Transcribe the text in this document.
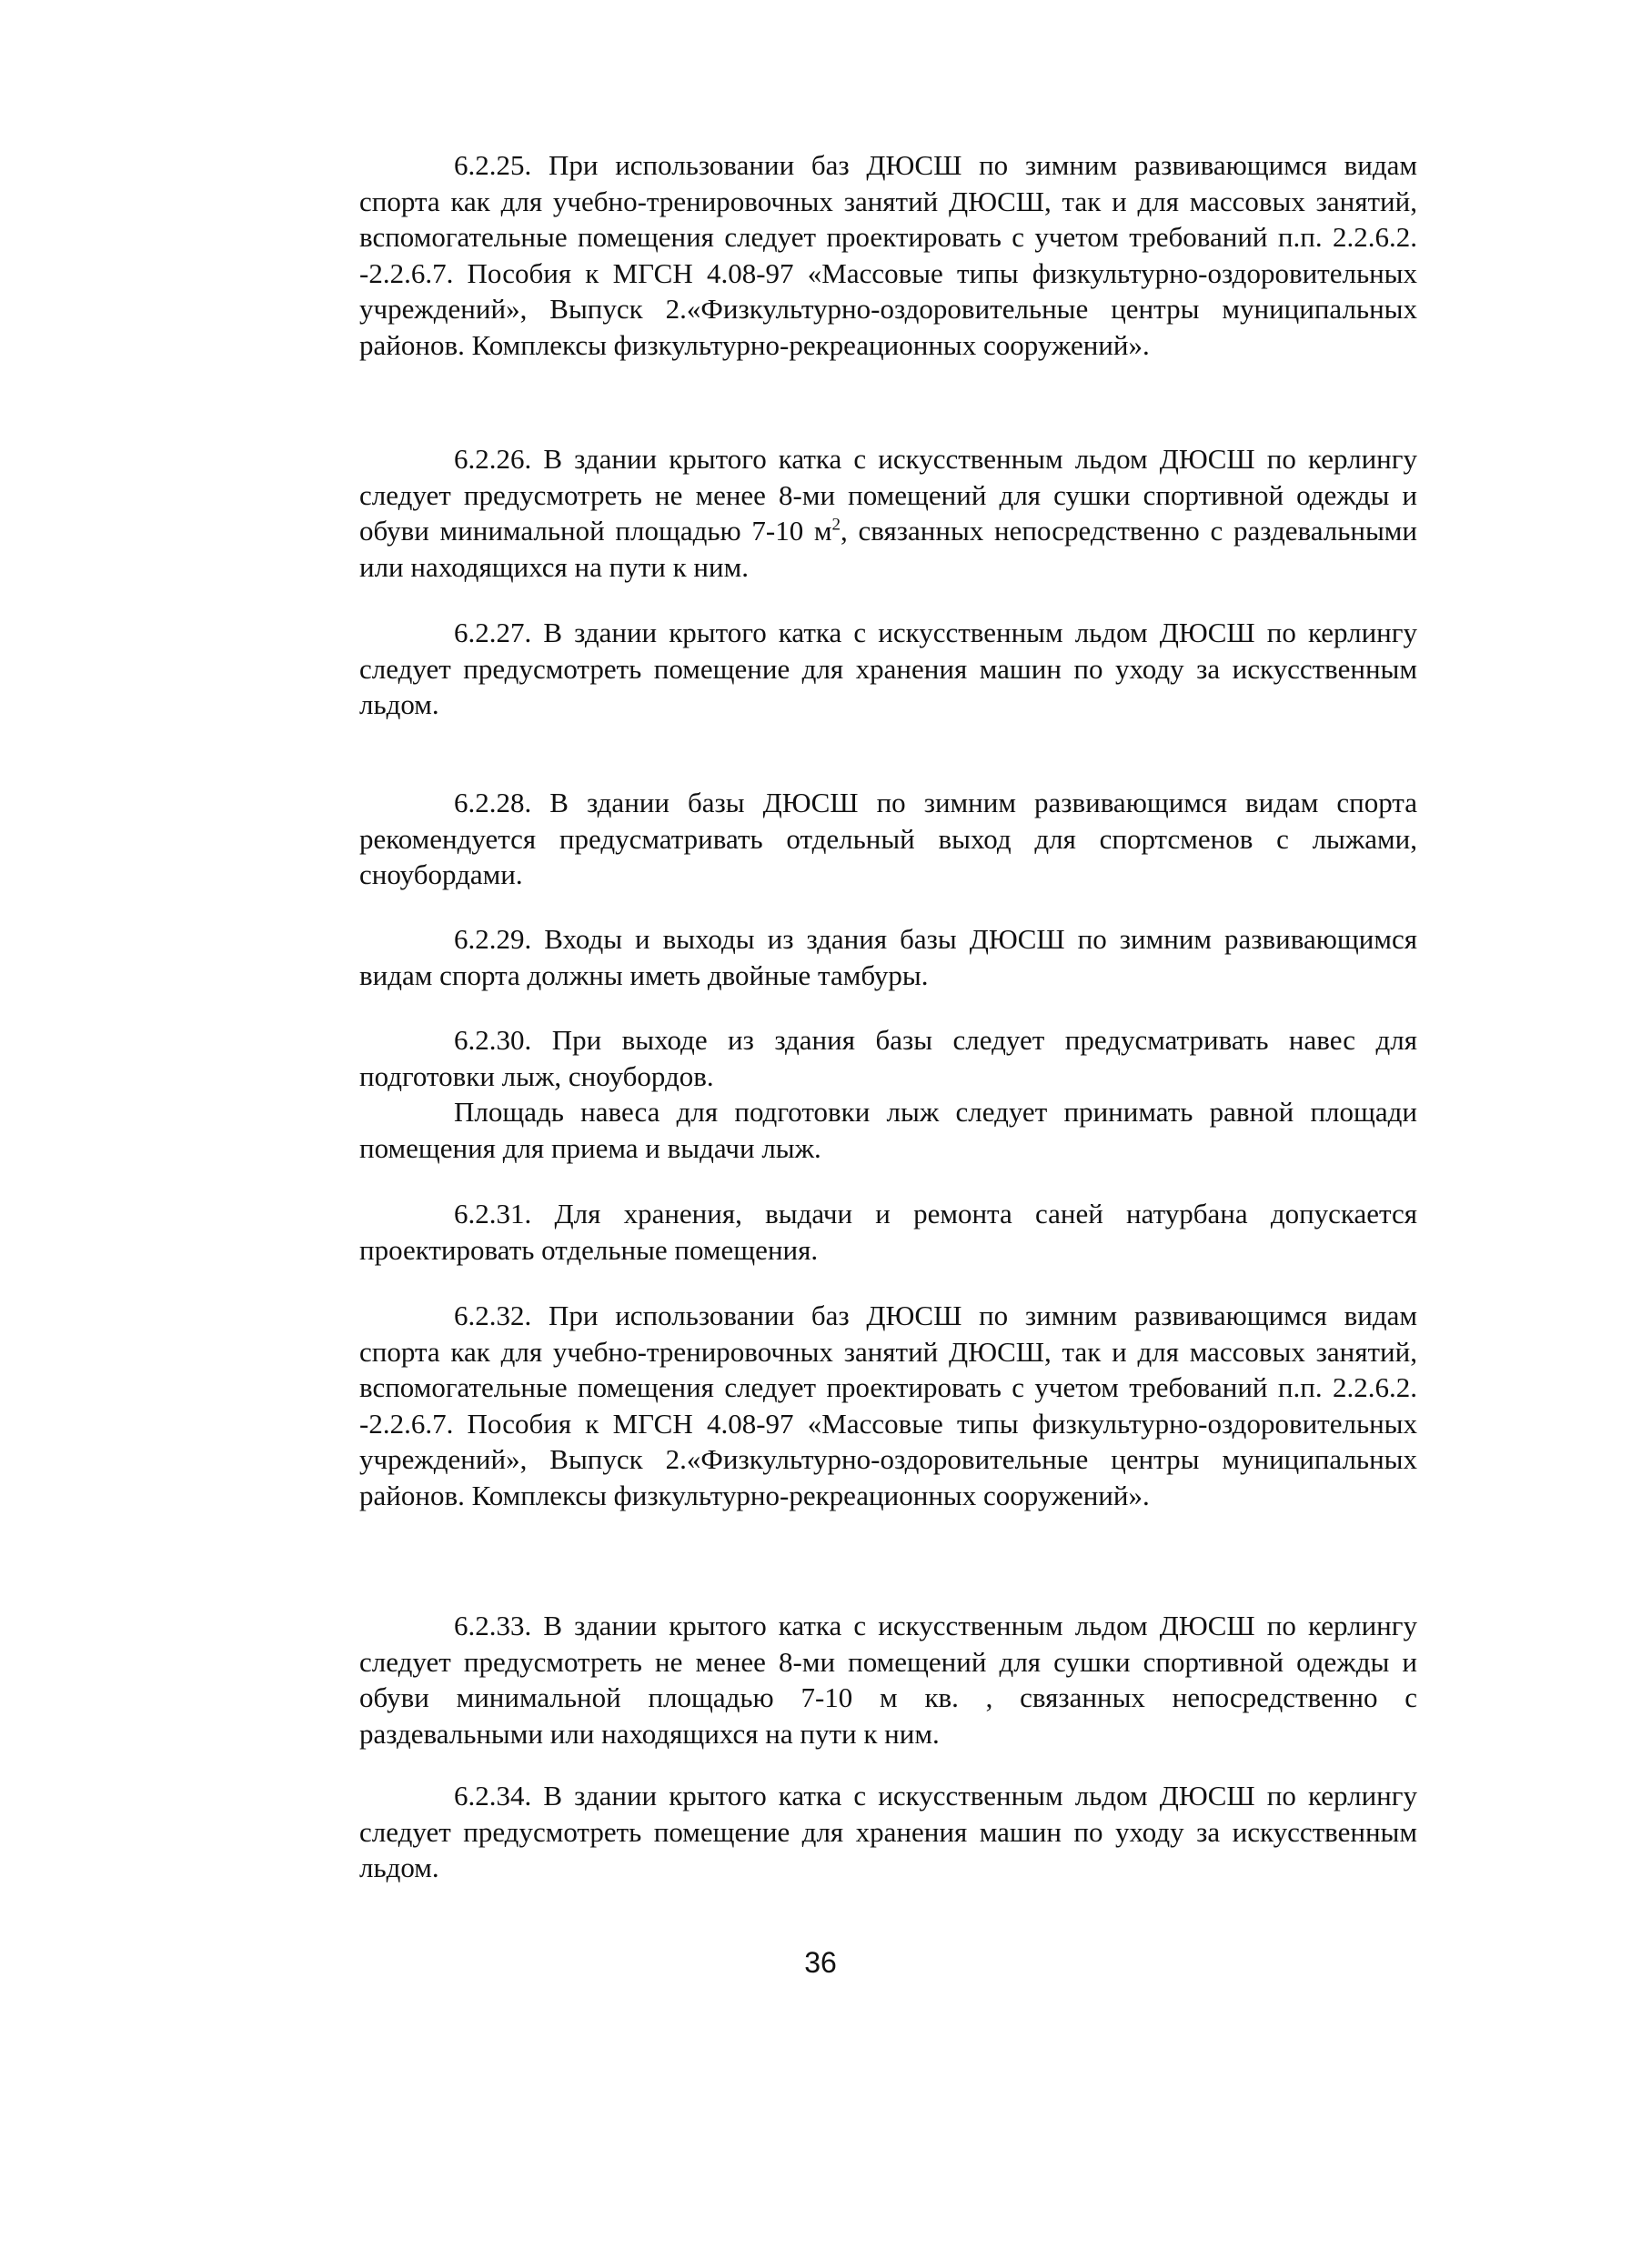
6.2.25. При использовании баз ДЮСШ по зимним развивающимся видам спорта как для учебно-тренировочных занятий ДЮСШ, так и для массовых занятий, вспомогательные помещения следует проектировать с учетом требований п.п. 2.2.6.2. -2.2.6.7. Пособия к МГСН 4.08-97 «Массовые типы физкультурно-оздоровительных учреждений», Выпуск 2.«Физкультурно-оздоровительные центры муниципальных районов. Комплексы физкультурно-рекреационных сооружений».

6.2.26. В здании крытого катка с искусственным льдом ДЮСШ по керлингу следует предусмотреть не менее 8-ми помещений для сушки спортивной одежды и обуви минимальной площадью 7-10 $м^2$, связанных непосредственно с раздевальными или находящихся на пути к ним.

6.2.27. В здании крытого катка с искусственным льдом ДЮСШ по керлингу следует предусмотреть помещение для хранения машин по уходу за искусственным льдом.

6.2.28. В здании базы ДЮСШ по зимним развивающимся видам спорта рекомендуется предусматривать отдельный выход для спортсменов с лыжами, сноубордами.

6.2.29. Входы и выходы из здания базы ДЮСШ по зимним развивающимся видам спорта должны иметь двойные тамбуры.

6.2.30. При выходе из здания базы следует предусматривать навес для подготовки лыж, сноубордов.

Площадь навеса для подготовки лыж следует принимать равной площади помещения для приема и выдачи лыж.

6.2.31. Для хранения, выдачи и ремонта саней натурбана допускается проектировать отдельные помещения.

6.2.32. При использовании баз ДЮСШ по зимним развивающимся видам спорта как для учебно-тренировочных занятий ДЮСШ, так и для массовых занятий, вспомогательные помещения следует проектировать с учетом требований п.п. 2.2.6.2. -2.2.6.7. Пособия к МГСН 4.08-97 «Массовые типы физкультурно-оздоровительных учреждений», Выпуск 2.«Физкультурно-оздоровительные центры муниципальных районов. Комплексы физкультурно-рекреационных сооружений».

6.2.33. В здании крытого катка с искусственным льдом ДЮСШ по керлингу следует предусмотреть не менее 8-ми помещений для сушки спортивной одежды и обуви минимальной площадью 7-10 м кв. , связанных непосредственно с раздевальными или находящихся на пути к ним.

6.2.34. В здании крытого катка с искусственным льдом ДЮСШ по керлингу следует предусмотреть помещение для хранения машин по уходу за искусственным льдом.

36
